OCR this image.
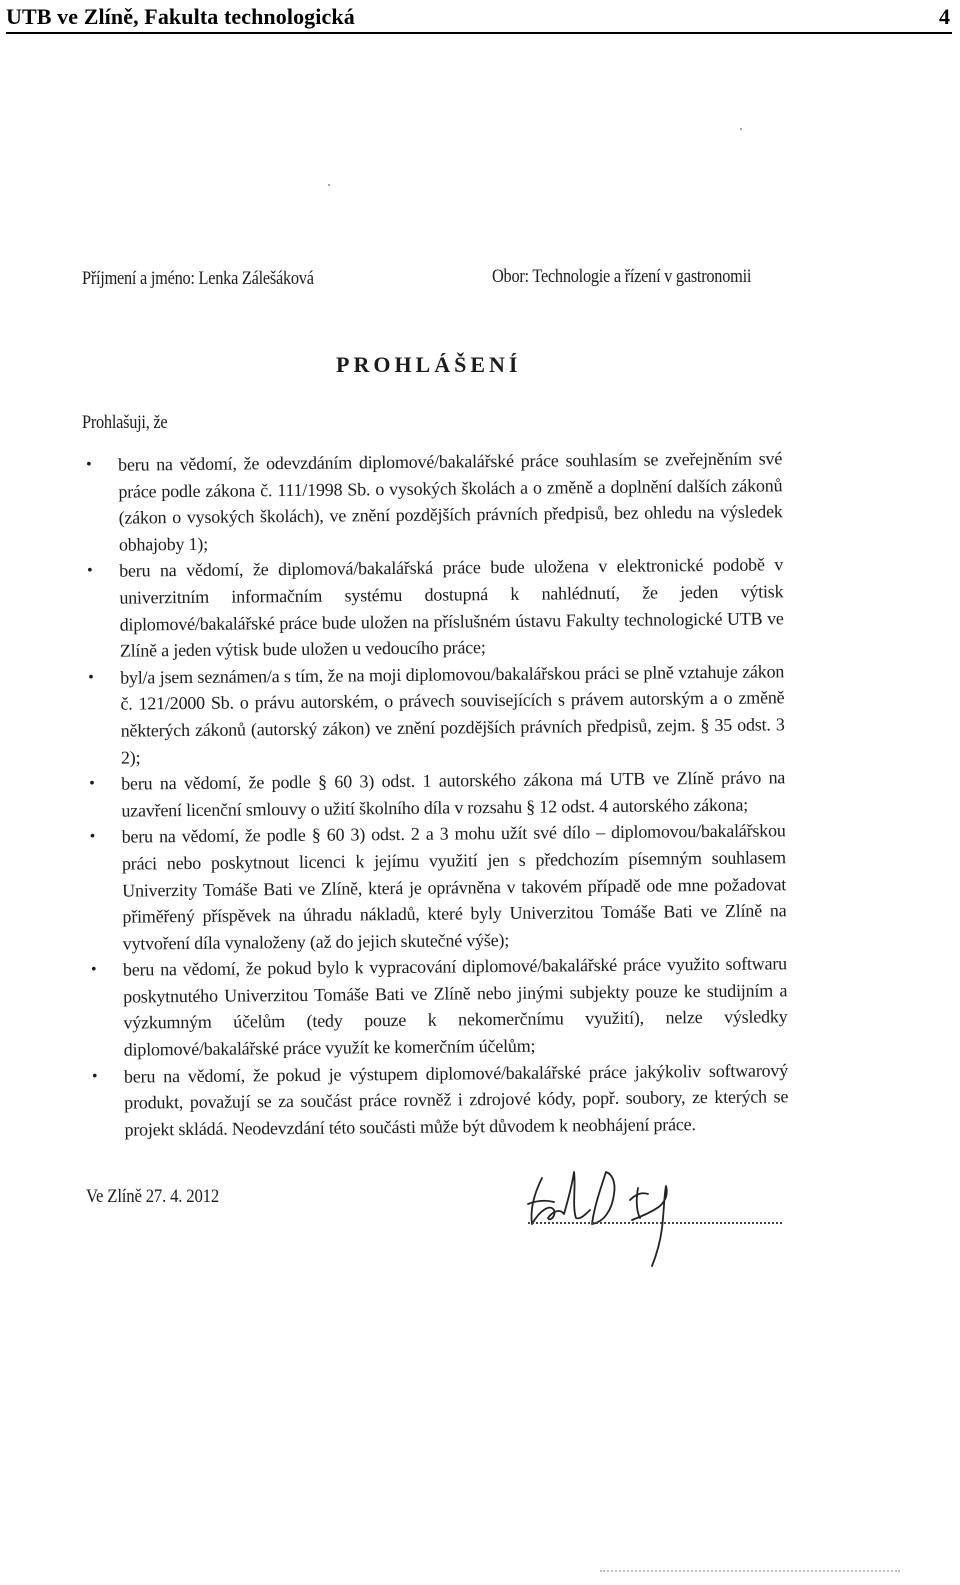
UTB ve Zlíně, Fakulta technologická	4
Příjmení a jméno: Lenka Zálešáková	Obor: Technologie a řízení v gastronomii
PROHLÁŠENÍ
Prohlašuji, že
• beru na vědomí, že odevzdáním diplomové/bakalářské práce souhlasím se zveřejněním své práce podle zákona č. 111/1998 Sb. o vysokých školách a o změně a doplnění dalších zákonů (zákon o vysokých školách), ve znění pozdějších právních předpisů, bez ohledu na výsledek obhajoby 1);
• beru na vědomí, že diplomová/bakalářská práce bude uložena v elektronické podobě v univerzitním informačním systému dostupná k nahlédnutí, že jeden výtisk diplomové/bakalářské práce bude uložen na příslušném ústavu Fakulty technologické UTB ve Zlíně a jeden výtisk bude uložen u vedoucího práce;
• byl/a jsem seznámen/a s tím, že na moji diplomovou/bakalářskou práci se plně vztahuje zákon č. 121/2000 Sb. o právu autorském, o právech souvisejících s právem autorským a o změně některých zákonů (autorský zákon) ve znění pozdějších právních předpisů, zejm. § 35 odst. 3 2);
• beru na vědomí, že podle § 60 3) odst. 1 autorského zákona má UTB ve Zlíně právo na uzavření licenční smlouvy o užití školního díla v rozsahu § 12 odst. 4 autorského zákona;
• beru na vědomí, že podle § 60 3) odst. 2 a 3 mohu užít své dílo – diplomovou/bakalářskou práci nebo poskytnout licenci k jejímu využití jen s předchozím písemným souhlasem Univerzity Tomáše Bati ve Zlíně, která je oprávněna v takovém případě ode mne požadovat přiměřený příspěvek na úhradu nákladů, které byly Univerzitou Tomáše Bati ve Zlíně na vytvoření díla vynaloženy (až do jejich skutečné výše);
• beru na vědomí, že pokud bylo k vypracování diplomové/bakalářské práce využito softwaru poskytnutého Univerzitou Tomáše Bati ve Zlíně nebo jinými subjekty pouze ke studijním a výzkumným účelům (tedy pouze k nekomerčnímu využití), nelze výsledky diplomové/bakalářské práce využít ke komerčním účelům;
• beru na vědomí, že pokud je výstupem diplomové/bakalářské práce jakýkoliv softwarový produkt, považují se za součást práce rovněž i zdrojové kódy, popř. soubory, ze kterých se projekt skládá. Neodevzdání této součásti může být důvodem k neobhájení práce.
Ve Zlíně 27. 4. 2012
